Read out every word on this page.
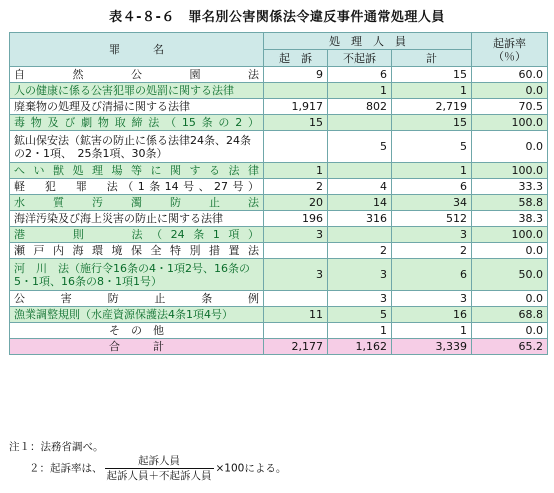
表４-８-６　罪名別公害関係法令違反事件通常処理人員
罪　　　名	処　理　人　員			起訴率
（％）
	起　訴	不起訴	計	
自　然　公　園　法	9	6	15	60.0
人の健康に係る公害犯罪の処罰に関する法律		1	1	0.0
廃棄物の処理及び清掃に関する法律	1,917	802	2,719	70.5
毒物及び劇物取締法（15条の2）	15		15	100.0
鉱山保安法（鉱害の防止に係る法律24条、24条の2・1項、　25条1項、30条）		5	5	0.0
へい獣処理場等に関する法律	1		1	100.0
軽　犯　罪　法（1条14号、27号）	2	4	6	33.3
水　質　汚　濁　防　止　法	20	14	34	58.8
海洋汚染及び海上災害の防止に関する法律	196	316	512	38.3
港　　則　　法（24条1項）	3		3	100.0
瀬戸内海環境保全特別措置法		2	2	0.0
河　川　法（施行令16条の4・1項2号、16条の5・1項、16条の8・1項1号）	3	3	6	50.0
公　害　防　止　条　例		3	3	0.0
漁業調整規則（水産資源保護法4条1項4号）	11	5	16	68.8
そ　の　他		1	1	0.0
合　　　計	2,177	1,162	3,339	65.2
注１：法務省調べ。
２：起訴率は、 $\frac{\text{起訴人員}}{\text{起訴人員＋不起訴人員}} \times 100$による。
